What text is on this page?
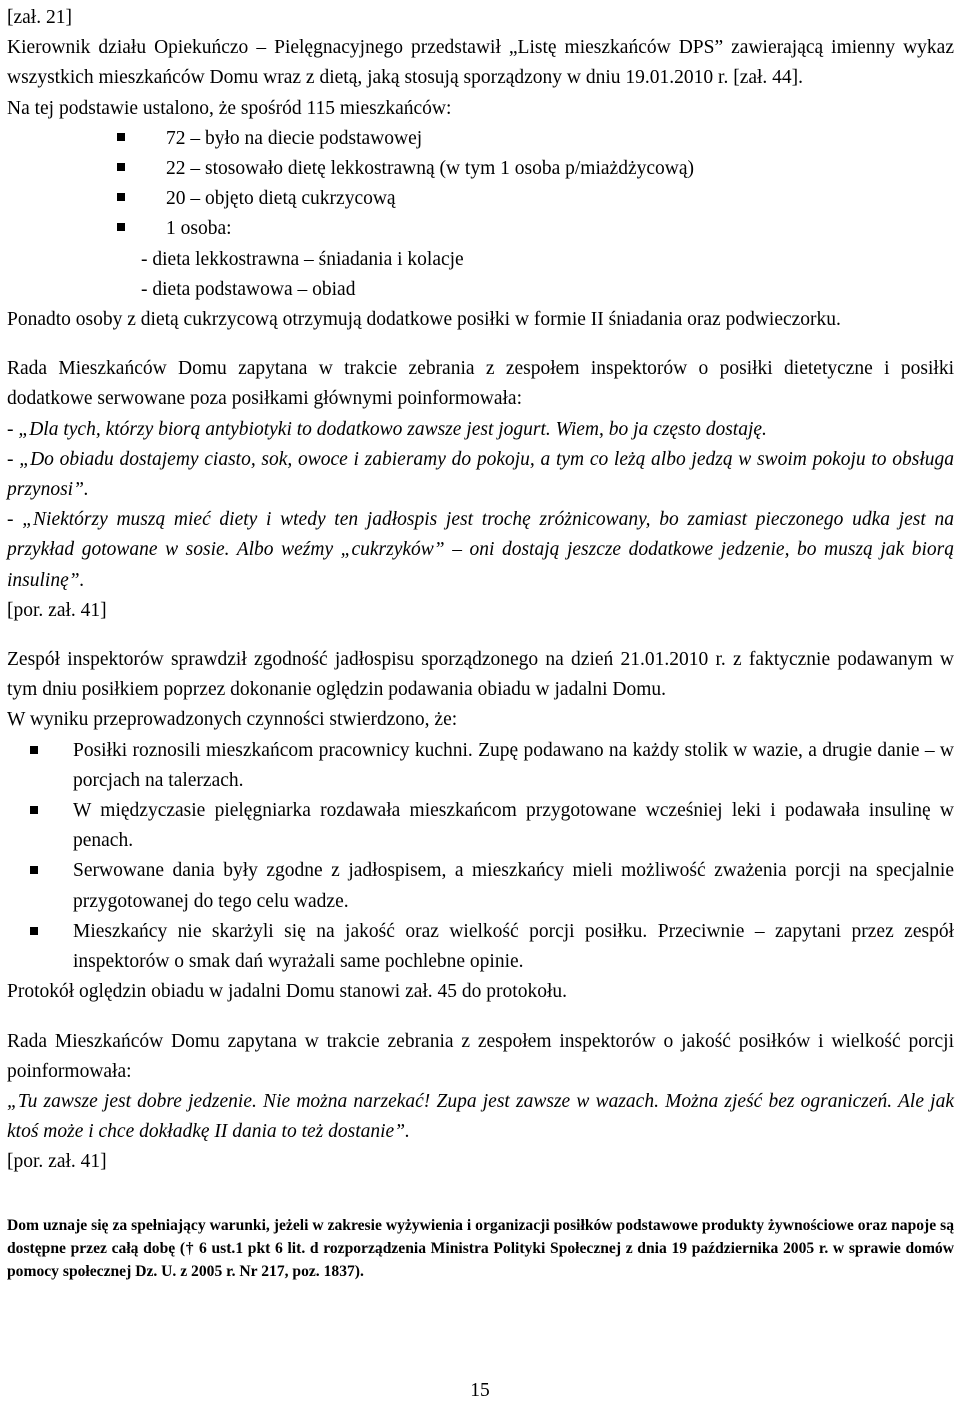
[zał. 21]

Kierownik działu Opiekuńczo – Pielęgnacyjnego przedstawił „Listę mieszkańców DPS” zawierającą imienny wykaz wszystkich mieszkańców Domu wraz z dietą, jaką stosują sporządzony w dniu 19.01.2010 r. [zał. 44].

Na tej podstawie ustalono, że spośród 115 mieszkańców:

72 – było na diecie podstawowej
22 – stosowało dietę lekkostrawną (w tym 1 osoba p/miażdżycową)
20 – objęto dietą cukrzycową
1 osoba:

- dieta lekkostrawna – śniadania i kolacje

- dieta podstawowa – obiad

Ponadto osoby z dietą cukrzycową otrzymują dodatkowe posiłki w formie II śniadania oraz podwieczorku.

Rada Mieszkańców Domu zapytana w trakcie zebrania z zespołem inspektorów o posiłki dietetyczne i posiłki dodatkowe serwowane poza posiłkami głównymi poinformowała:

- „Dla tych, którzy biorą antybiotyki to dodatkowo zawsze jest jogurt. Wiem, bo ja często dostaję.

- „Do obiadu dostajemy ciasto, sok, owoce i zabieramy do pokoju, a tym co leżą albo jedzą w swoim pokoju to obsługa przynosi”.

- „Niektórzy muszą mieć diety i wtedy ten jadłospis jest trochę zróżnicowany, bo zamiast pieczonego udka jest na przykład gotowane w sosie. Albo weźmy „cukrzyków” – oni dostają jeszcze dodatkowe jedzenie, bo muszą jak biorą insulinę”.

[por. zał. 41]

Zespół inspektorów sprawdził zgodność jadłospisu sporządzonego na dzień 21.01.2010 r. z faktycznie podawanym w tym dniu posiłkiem poprzez dokonanie oględzin podawania obiadu w jadalni Domu.

W wyniku przeprowadzonych czynności stwierdzono, że:

Posiłki roznosili mieszkańcom pracownicy kuchni. Zupę podawano na każdy stolik w wazie, a drugie danie – w porcjach na talerzach.
W międzyczasie pielęgniarka rozdawała mieszkańcom przygotowane wcześniej leki i podawała insulinę w penach.
Serwowane dania były zgodne z jadłospisem, a mieszkańcy mieli możliwość zważenia porcji na specjalnie przygotowanej do tego celu wadze.
Mieszkańcy nie skarżyli się na jakość oraz wielkość porcji posiłku. Przeciwnie – zapytani przez zespół inspektorów o smak dań wyrażali same pochlebne opinie.

Protokół oględzin obiadu w jadalni Domu stanowi zał. 45 do protokołu.

Rada Mieszkańców Domu zapytana w trakcie zebrania z zespołem inspektorów o jakość posiłków i wielkość porcji poinformowała:

„Tu zawsze jest dobre jedzenie. Nie można narzekać! Zupa jest zawsze w wazach. Można zjeść bez ograniczeń. Ale jak ktoś może i chce dokładkę II dania to też dostanie”.

[por. zał. 41]

Dom uznaje się za spełniający warunki, jeżeli w zakresie wyżywienia i organizacji posiłków podstawowe produkty żywnościowe oraz napoje są dostępne przez całą dobę († 6 ust.1 pkt 6 lit. d rozporządzenia Ministra Polityki Społecznej z dnia 19 października 2005 r. w sprawie domów pomocy społecznej Dz. U. z 2005 r. Nr 217, poz. 1837).

15
